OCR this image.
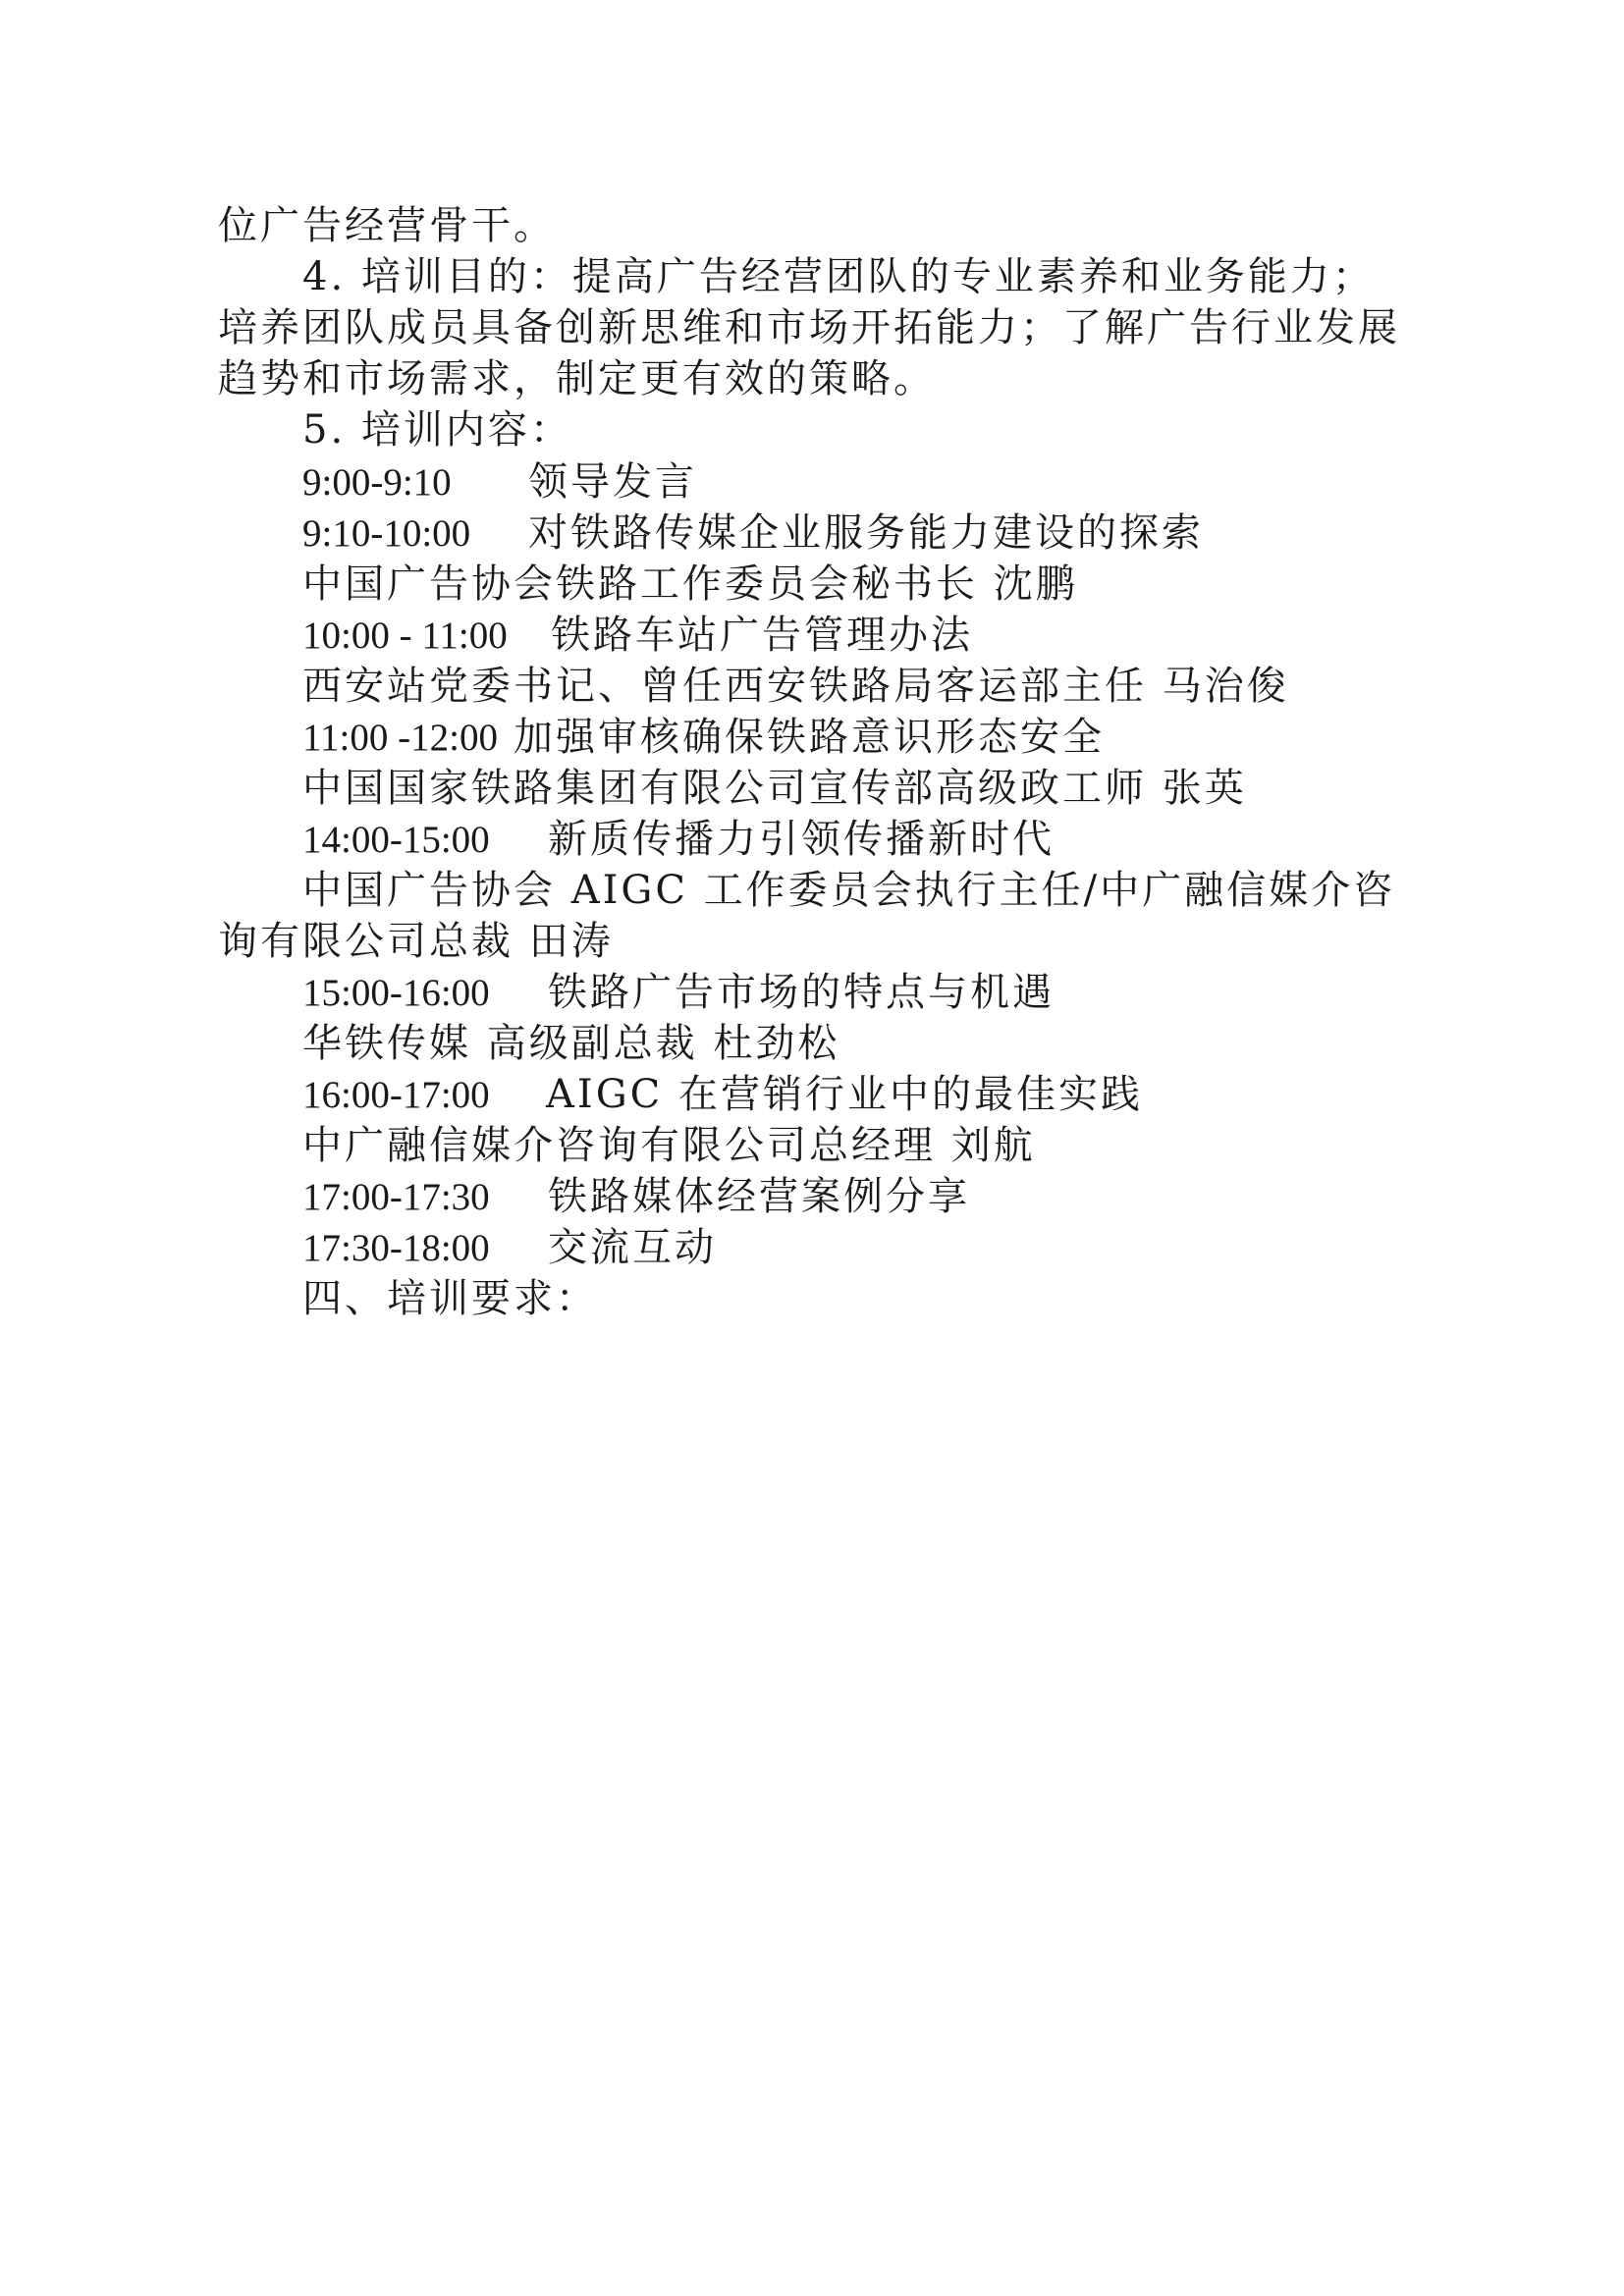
位广告经营骨干。
4. 培训目的：提高广告经营团队的专业素养和业务能力；
培养团队成员具备创新思维和市场开拓能力；了解广告行业发展
趋势和市场需求，制定更有效的策略。
5. 培训内容：
9:00-9:10 领导发言
9:10-10:00 对铁路传媒企业服务能力建设的探索
中国广告协会铁路工作委员会秘书长 沈鹏
10:00 - 11:00 铁路车站广告管理办法
西安站党委书记、曾任西安铁路局客运部主任 马治俊
11:00 -12:00 加强审核确保铁路意识形态安全
中国国家铁路集团有限公司宣传部高级政工师 张英
14:00-15:00 新质传播力引领传播新时代
中国广告协会 AIGC 工作委员会执行主任/中广融信媒介咨
询有限公司总裁 田涛
15:00-16:00 铁路广告市场的特点与机遇
华铁传媒 高级副总裁 杜劲松
16:00-17:00 AIGC 在营销行业中的最佳实践
中广融信媒介咨询有限公司总经理 刘航
17:00-17:30 铁路媒体经营案例分享
17:30-18:00 交流互动
四、培训要求：
